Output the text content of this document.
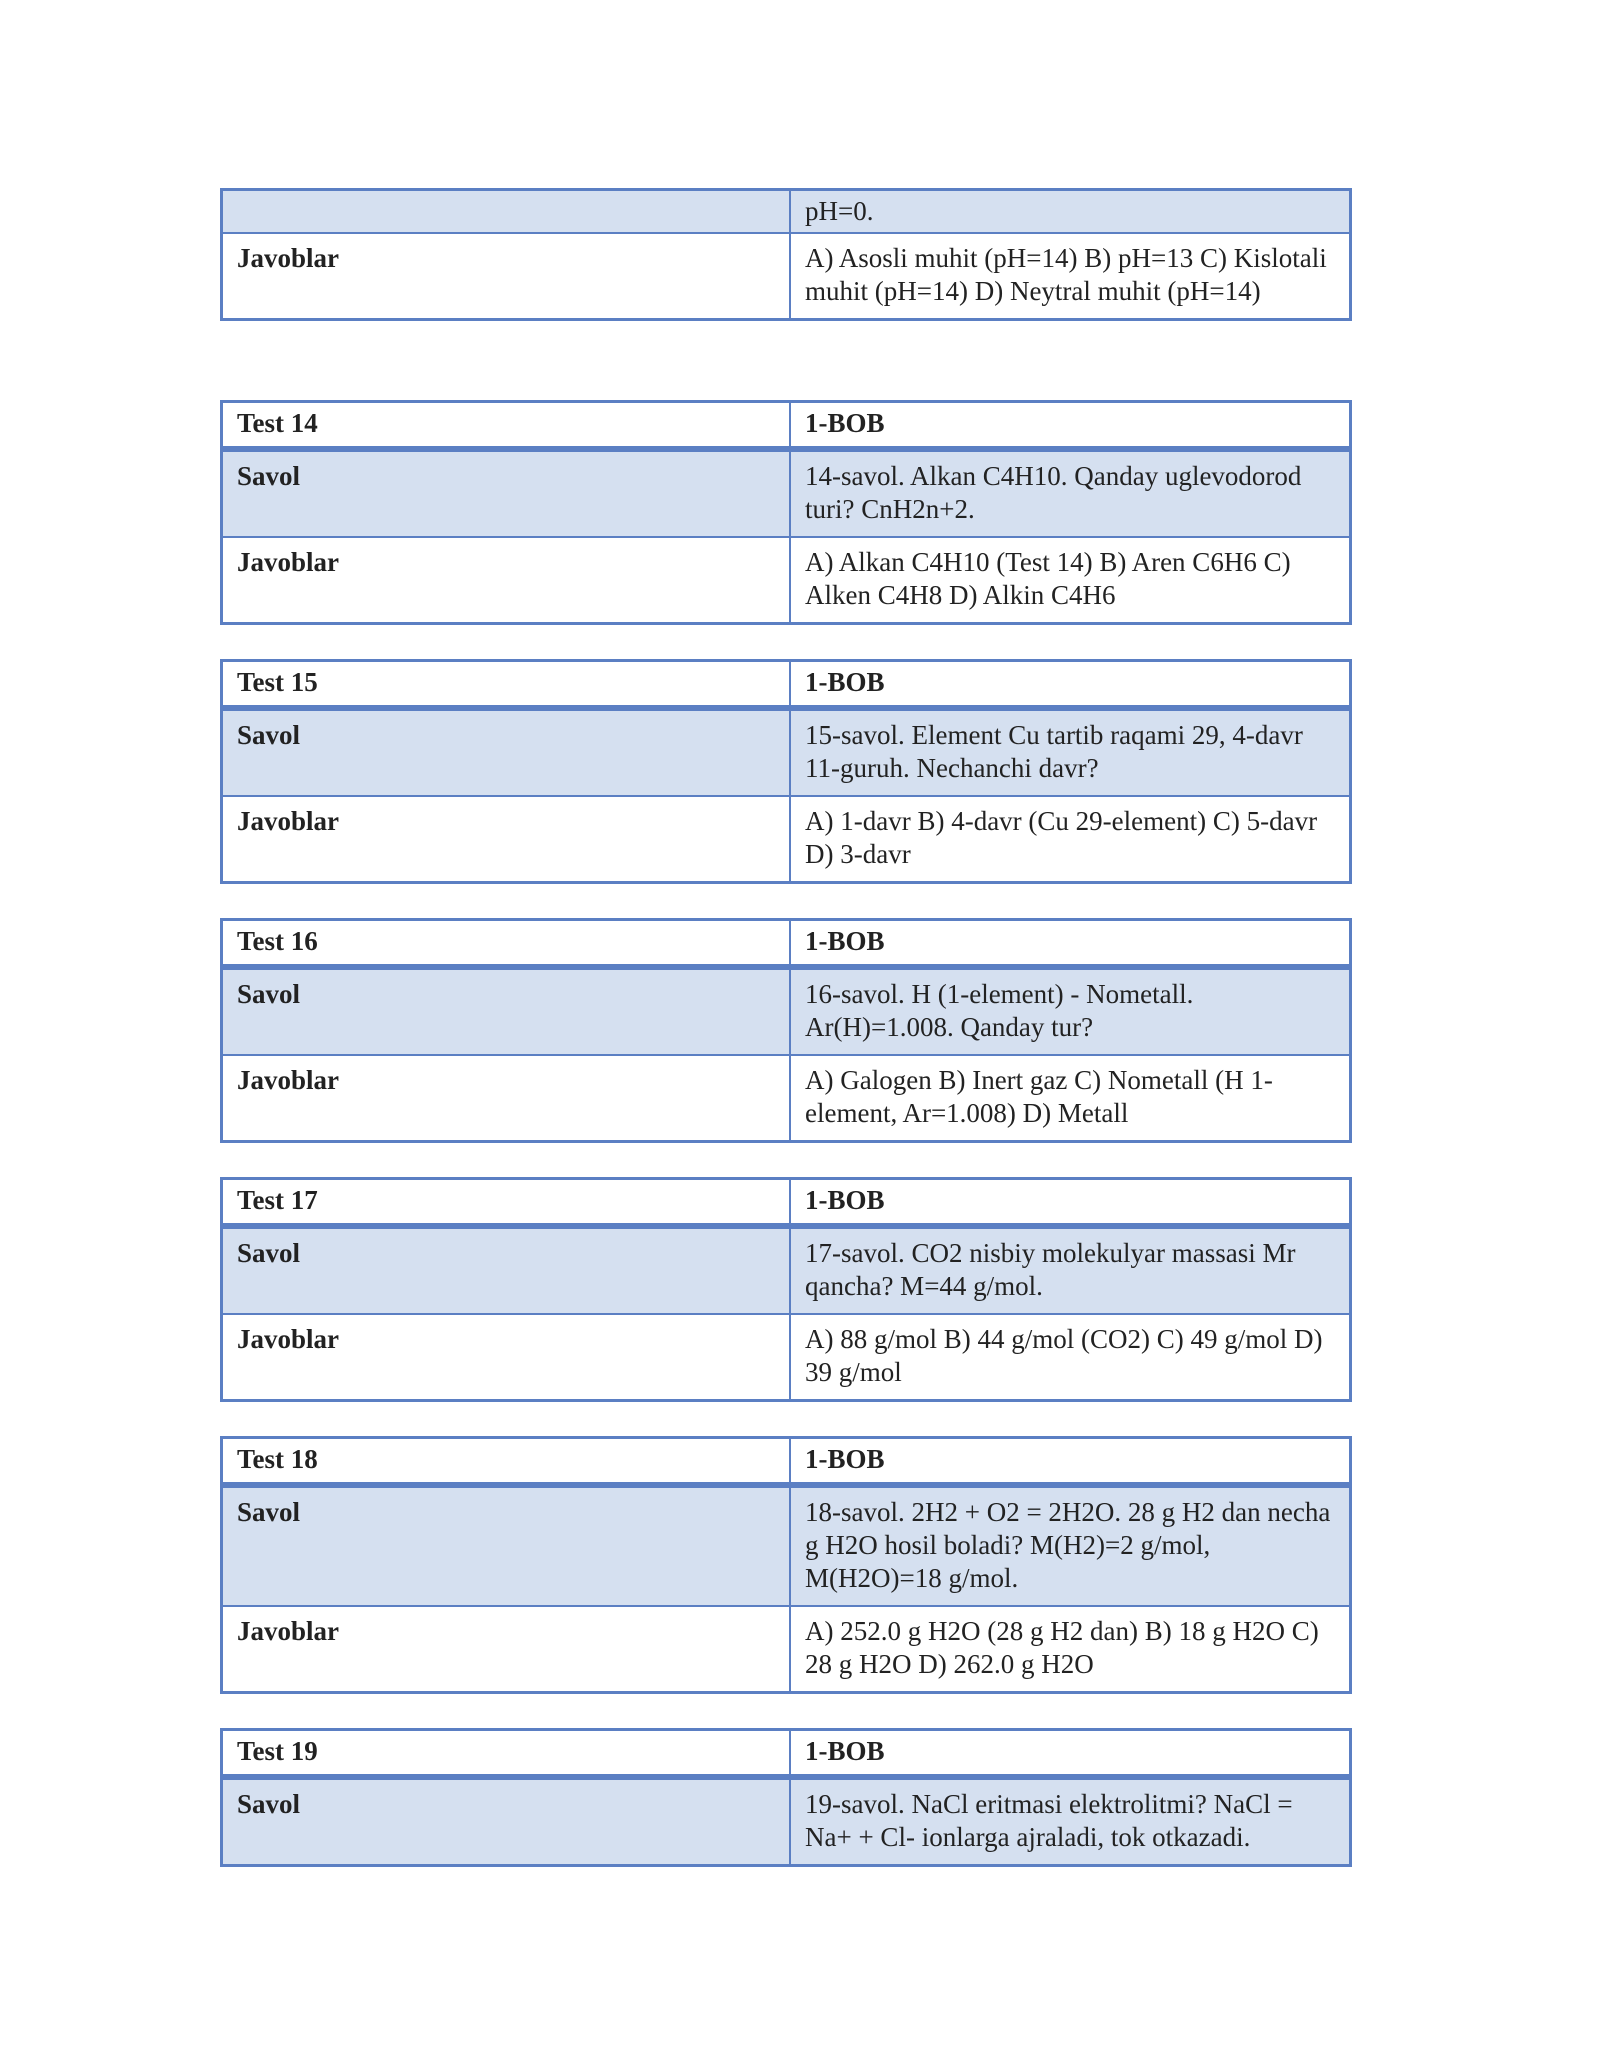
	pH=0.
Javoblar	A) Asosli muhit (pH=14) B) pH=13 C) Kislotali muhit (pH=14) D) Neytral muhit (pH=14)
Test 14	1-BOB
Savol	14-savol. Alkan C4H10. Qanday uglevodorod turi? CnH2n+2.
Javoblar	A) Alkan C4H10 (Test 14) B) Aren C6H6 C) Alken C4H8 D) Alkin C4H6
Test 15	1-BOB
Savol	15-savol. Element Cu tartib raqami 29, 4-davr 11-guruh. Nechanchi davr?
Javoblar	A) 1-davr B) 4-davr (Cu 29-element) C) 5-davr D) 3-davr
Test 16	1-BOB
Savol	16-savol. H (1-element) - Nometall. Ar(H)=1.008. Qanday tur?
Javoblar	A) Galogen B) Inert gaz C) Nometall (H 1-element, Ar=1.008) D) Metall
Test 17	1-BOB
Savol	17-savol. CO2 nisbiy molekulyar massasi Mr qancha? M=44 g/mol.
Javoblar	A) 88 g/mol B) 44 g/mol (CO2) C) 49 g/mol D) 39 g/mol
Test 18	1-BOB
Savol	18-savol. 2H2 + O2 = 2H2O. 28 g H2 dan necha g H2O hosil boladi? M(H2)=2 g/mol, M(H2O)=18 g/mol.
Javoblar	A) 252.0 g H2O (28 g H2 dan) B) 18 g H2O C) 28 g H2O D) 262.0 g H2O
Test 19	1-BOB
Savol	19-savol. NaCl eritmasi elektrolitmi? NaCl = Na+ + Cl- ionlarga ajraladi, tok otkazadi.
